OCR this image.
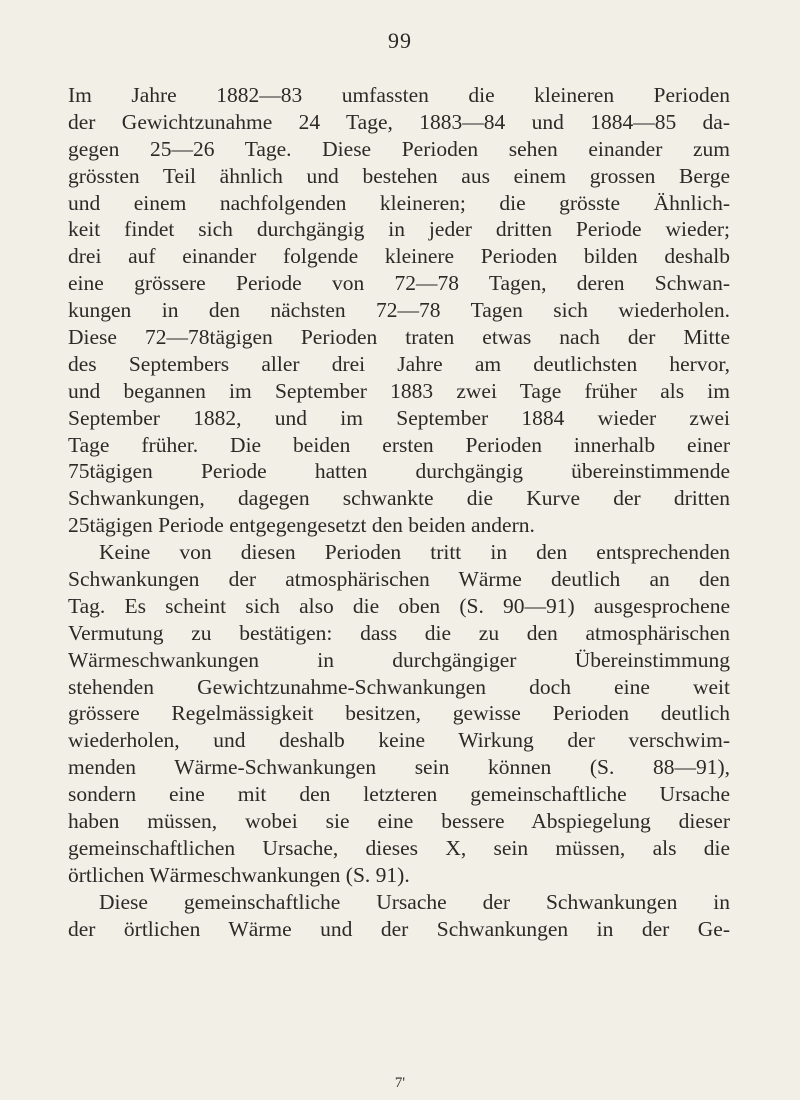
99
Im Jahre 1882—83 umfassten die kleineren Perioden
der Gewichtzunahme 24 Tage, 1883—84 und 1884—85 da-
gegen 25—26 Tage. Diese Perioden sehen einander zum
grössten Teil ähnlich und bestehen aus einem grossen Berge
und einem nachfolgenden kleineren; die grösste Ähnlich-
keit findet sich durchgängig in jeder dritten Periode wieder;
drei auf einander folgende kleinere Perioden bilden deshalb
eine grössere Periode von 72—78 Tagen, deren Schwan-
kungen in den nächsten 72—78 Tagen sich wiederholen.
Diese 72—78tägigen Perioden traten etwas nach der Mitte
des Septembers aller drei Jahre am deutlichsten hervor,
und begannen im September 1883 zwei Tage früher als im
September 1882, und im September 1884 wieder zwei
Tage früher. Die beiden ersten Perioden innerhalb einer
75tägigen Periode hatten durchgängig übereinstimmende
Schwankungen, dagegen schwankte die Kurve der dritten
25tägigen Periode entgegengesetzt den beiden andern.
Keine von diesen Perioden tritt in den entsprechenden
Schwankungen der atmosphärischen Wärme deutlich an den
Tag. Es scheint sich also die oben (S. 90—91) ausgesprochene
Vermutung zu bestätigen: dass die zu den atmosphärischen
Wärmeschwankungen in durchgängiger Übereinstimmung
stehenden Gewichtzunahme-Schwankungen doch eine weit
grössere Regelmässigkeit besitzen, gewisse Perioden deutlich
wiederholen, und deshalb keine Wirkung der verschwim-
menden Wärme-Schwankungen sein können (S. 88—91),
sondern eine mit den letzteren gemeinschaftliche Ursache
haben müssen, wobei sie eine bessere Abspiegelung dieser
gemeinschaftlichen Ursache, dieses X, sein müssen, als die
örtlichen Wärmeschwankungen (S. 91).
Diese gemeinschaftliche Ursache der Schwankungen in
der örtlichen Wärme und der Schwankungen in der Ge-
7'
